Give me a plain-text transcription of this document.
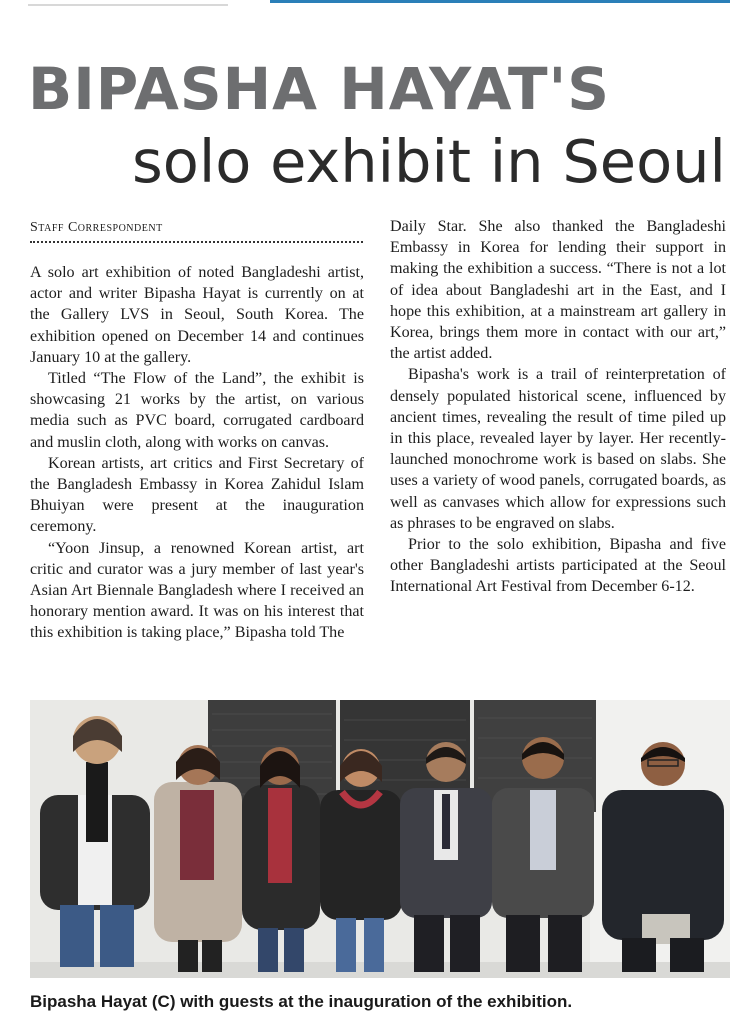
BIPASHA HAYAT'S
solo exhibit in Seoul
Staff Correspondent

A solo art exhibition of noted Bangladeshi artist, actor and writer Bipasha Hayat is currently on at the Gallery LVS in Seoul, South Korea. The exhibition opened on December 14 and continues January 10 at the gallery.

Titled “The Flow of the Land”, the exhibit is showcasing 21 works by the artist, on various media such as PVC board, corrugated cardboard and muslin cloth, along with works on canvas.

Korean artists, art critics and First Secretary of the Bangladesh Embassy in Korea Zahidul Islam Bhuiyan were present at the inauguration ceremony.

“Yoon Jinsup, a renowned Korean artist, art critic and curator was a jury member of last year's Asian Art Biennale Bangladesh where I received an honorary mention award. It was on his interest that this exhibition is taking place,” Bipasha told The

Daily Star. She also thanked the Bangladeshi Embassy in Korea for lending their support in making the exhibition a success. “There is not a lot of idea about Bangladeshi art in the East, and I hope this exhibition, at a mainstream art gallery in Korea, brings them more in contact with our art,” the artist added.

Bipasha's work is a trail of reinterpretation of densely populated historical scene, influenced by ancient times, revealing the result of time piled up in this place, revealed layer by layer. Her recently-launched monochrome work is based on slabs. She uses a variety of wood panels, corrugated boards, as well as canvases which allow for expressions such as phrases to be engraved on slabs.

Prior to the solo exhibition, Bipasha and five other Bangladeshi artists participated at the Seoul International Art Festival from December 6-12.

Bipasha Hayat (C) with guests at the inauguration of the exhibition.
